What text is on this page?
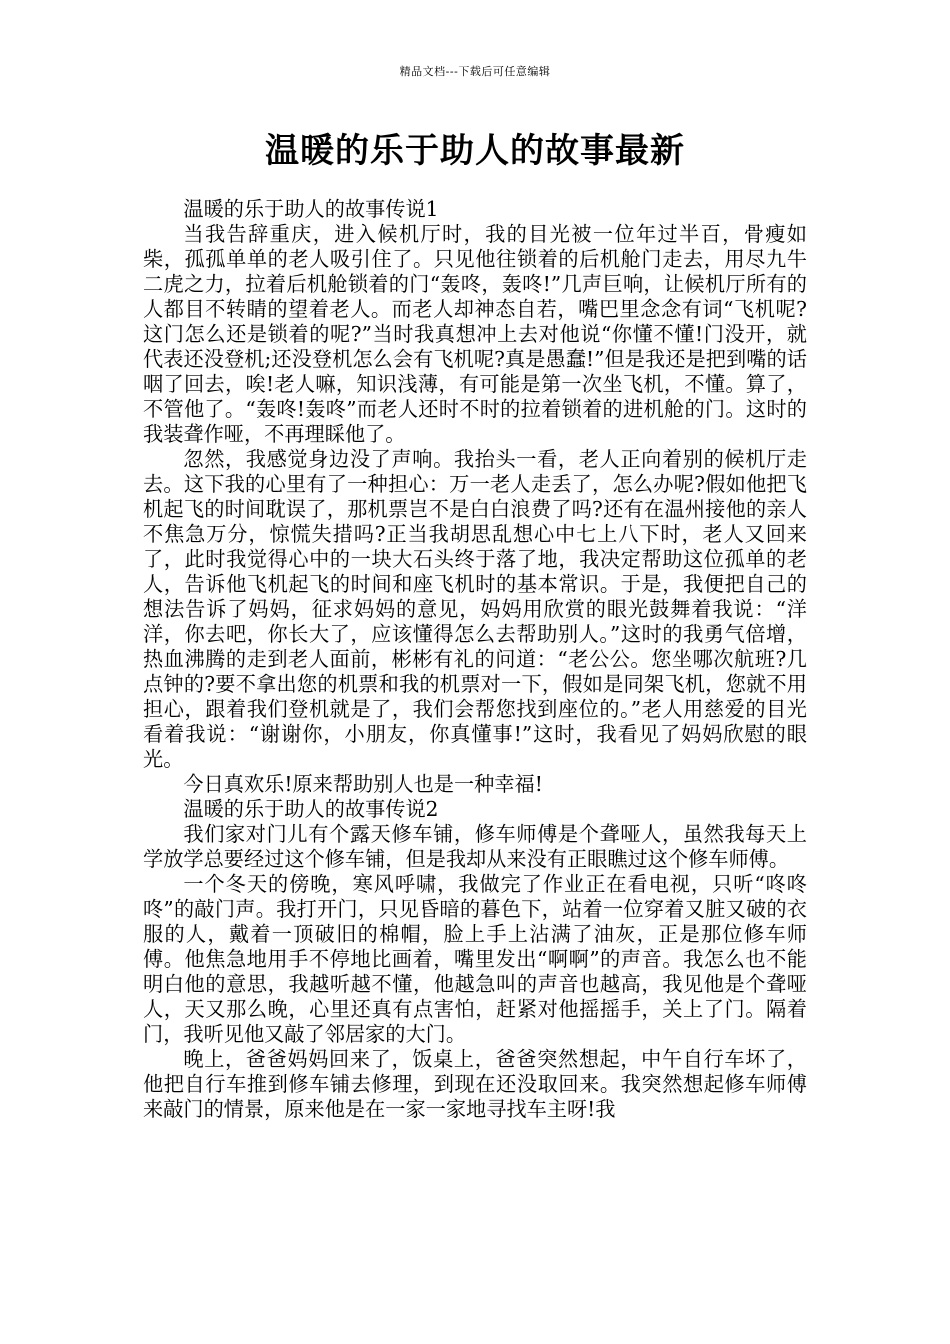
精品文档---下载后可任意编辑
温暖的乐于助人的故事最新

温暖的乐于助人的故事传说1

当我告辞重庆，进入候机厅时，我的目光被一位年过半百，骨瘦如柴，孤孤单单的老人吸引住了。只见他往锁着的后机舱门走去，用尽九牛二虎之力，拉着后机舱锁着的门“轰咚，轰咚!”几声巨响，让候机厅所有的人都目不转睛的望着老人。而老人却神态自若，嘴巴里念念有词“飞机呢?这门怎么还是锁着的呢?”当时我真想冲上去对他说“你懂不懂!门没开，就代表还没登机;还没登机怎么会有飞机呢?真是愚蠢!”但是我还是把到嘴的话咽了回去，唉!老人嘛，知识浅薄，有可能是第一次坐飞机，不懂。算了，不管他了。“轰咚!轰咚”而老人还时不时的拉着锁着的进机舱的门。这时的我装聋作哑，不再理睬他了。

忽然，我感觉身边没了声响。我抬头一看，老人正向着别的候机厅走去。这下我的心里有了一种担心：万一老人走丢了，怎么办呢?假如他把飞机起飞的时间耽误了，那机票岂不是白白浪费了吗?还有在温州接他的亲人不焦急万分，惊慌失措吗?正当我胡思乱想心中七上八下时，老人又回来了，此时我觉得心中的一块大石头终于落了地，我决定帮助这位孤单的老人，告诉他飞机起飞的时间和座飞机时的基本常识。于是，我便把自己的想法告诉了妈妈，征求妈妈的意见，妈妈用欣赏的眼光鼓舞着我说：“洋洋，你去吧，你长大了，应该懂得怎么去帮助别人。”这时的我勇气倍增，热血沸腾的走到老人面前，彬彬有礼的问道：“老公公。您坐哪次航班?几点钟的?要不拿出您的机票和我的机票对一下，假如是同架飞机，您就不用担心，跟着我们登机就是了，我们会帮您找到座位的。”老人用慈爱的目光看着我说：“谢谢你，小朋友，你真懂事!”这时，我看见了妈妈欣慰的眼光。

今日真欢乐!原来帮助别人也是一种幸福!

温暖的乐于助人的故事传说2

我们家对门儿有个露天修车铺，修车师傅是个聋哑人，虽然我每天上学放学总要经过这个修车铺，但是我却从来没有正眼瞧过这个修车师傅。

一个冬天的傍晚，寒风呼啸，我做完了作业正在看电视，只听“咚咚咚”的敲门声。我打开门，只见昏暗的暮色下，站着一位穿着又脏又破的衣服的人，戴着一顶破旧的棉帽，脸上手上沾满了油灰，正是那位修车师傅。他焦急地用手不停地比画着，嘴里发出“啊啊”的声音。我怎么也不能明白他的意思，我越听越不懂，他越急叫的声音也越高，我见他是个聋哑人，天又那么晚，心里还真有点害怕，赶紧对他摇摇手，关上了门。隔着门，我听见他又敲了邻居家的大门。

晚上，爸爸妈妈回来了，饭桌上，爸爸突然想起，中午自行车坏了，他把自行车推到修车铺去修理，到现在还没取回来。我突然想起修车师傅来敲门的情景，原来他是在一家一家地寻找车主呀!我
